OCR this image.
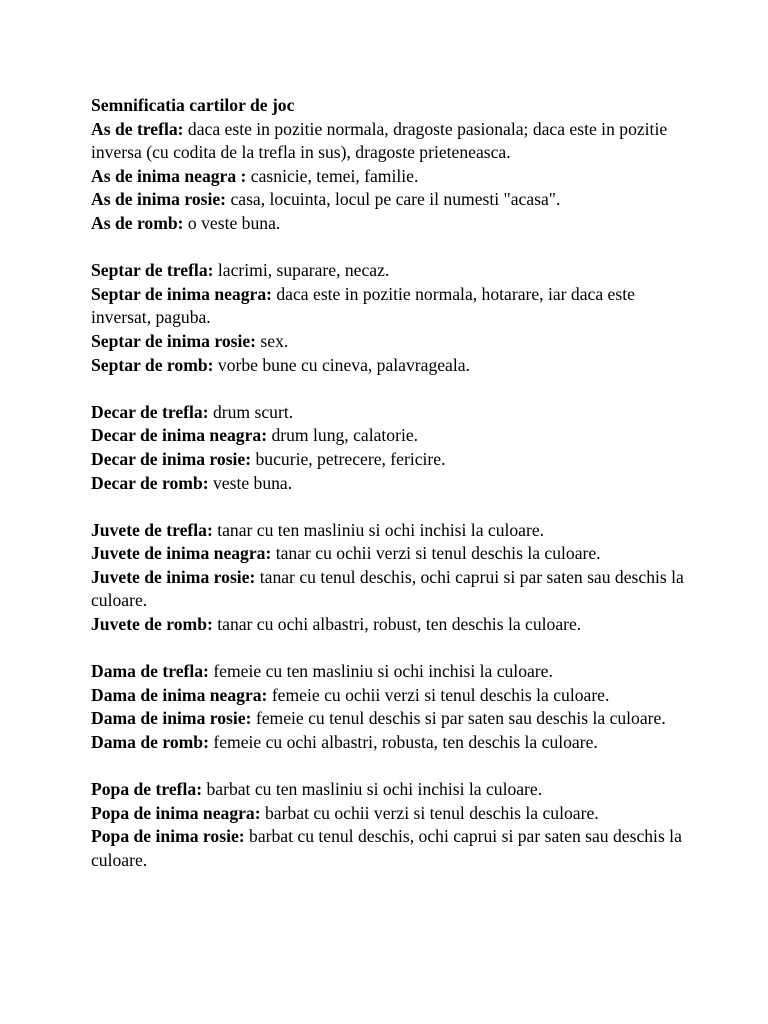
Semnificatia cartilor de joc

As de trefla: daca este in pozitie normala, dragoste pasionala; daca este in pozitie inversa (cu codita de la trefla in sus), dragoste prieteneasca.

As de inima neagra : casnicie, temei, familie.

As de inima rosie: casa, locuinta, locul pe care il numesti "acasa".

As de romb: o veste buna.

Septar de trefla: lacrimi, suparare, necaz.

Septar de inima neagra: daca este in pozitie normala, hotarare, iar daca este inversat, paguba.

Septar de inima rosie: sex.

Septar de romb: vorbe bune cu cineva, palavrageala.

Decar de trefla: drum scurt.

Decar de inima neagra: drum lung, calatorie.

Decar de inima rosie: bucurie, petrecere, fericire.

Decar de romb: veste buna.

Juvete de trefla: tanar cu ten masliniu si ochi inchisi la culoare.

Juvete de inima neagra: tanar cu ochii verzi si tenul deschis la culoare.

Juvete de inima rosie: tanar cu tenul deschis, ochi caprui si par saten sau deschis la culoare.

Juvete de romb: tanar cu ochi albastri, robust, ten deschis la culoare.

Dama de trefla: femeie cu ten masliniu si ochi inchisi la culoare.

Dama de inima neagra: femeie cu ochii verzi si tenul deschis la culoare.

Dama de inima rosie: femeie cu tenul deschis si par saten sau deschis la culoare.

Dama de romb: femeie cu ochi albastri, robusta, ten deschis la culoare.

Popa de trefla: barbat cu ten masliniu si ochi inchisi la culoare.

Popa de inima neagra: barbat cu ochii verzi si tenul deschis la culoare.

Popa de inima rosie: barbat cu tenul deschis, ochi caprui si par saten sau deschis la culoare.
